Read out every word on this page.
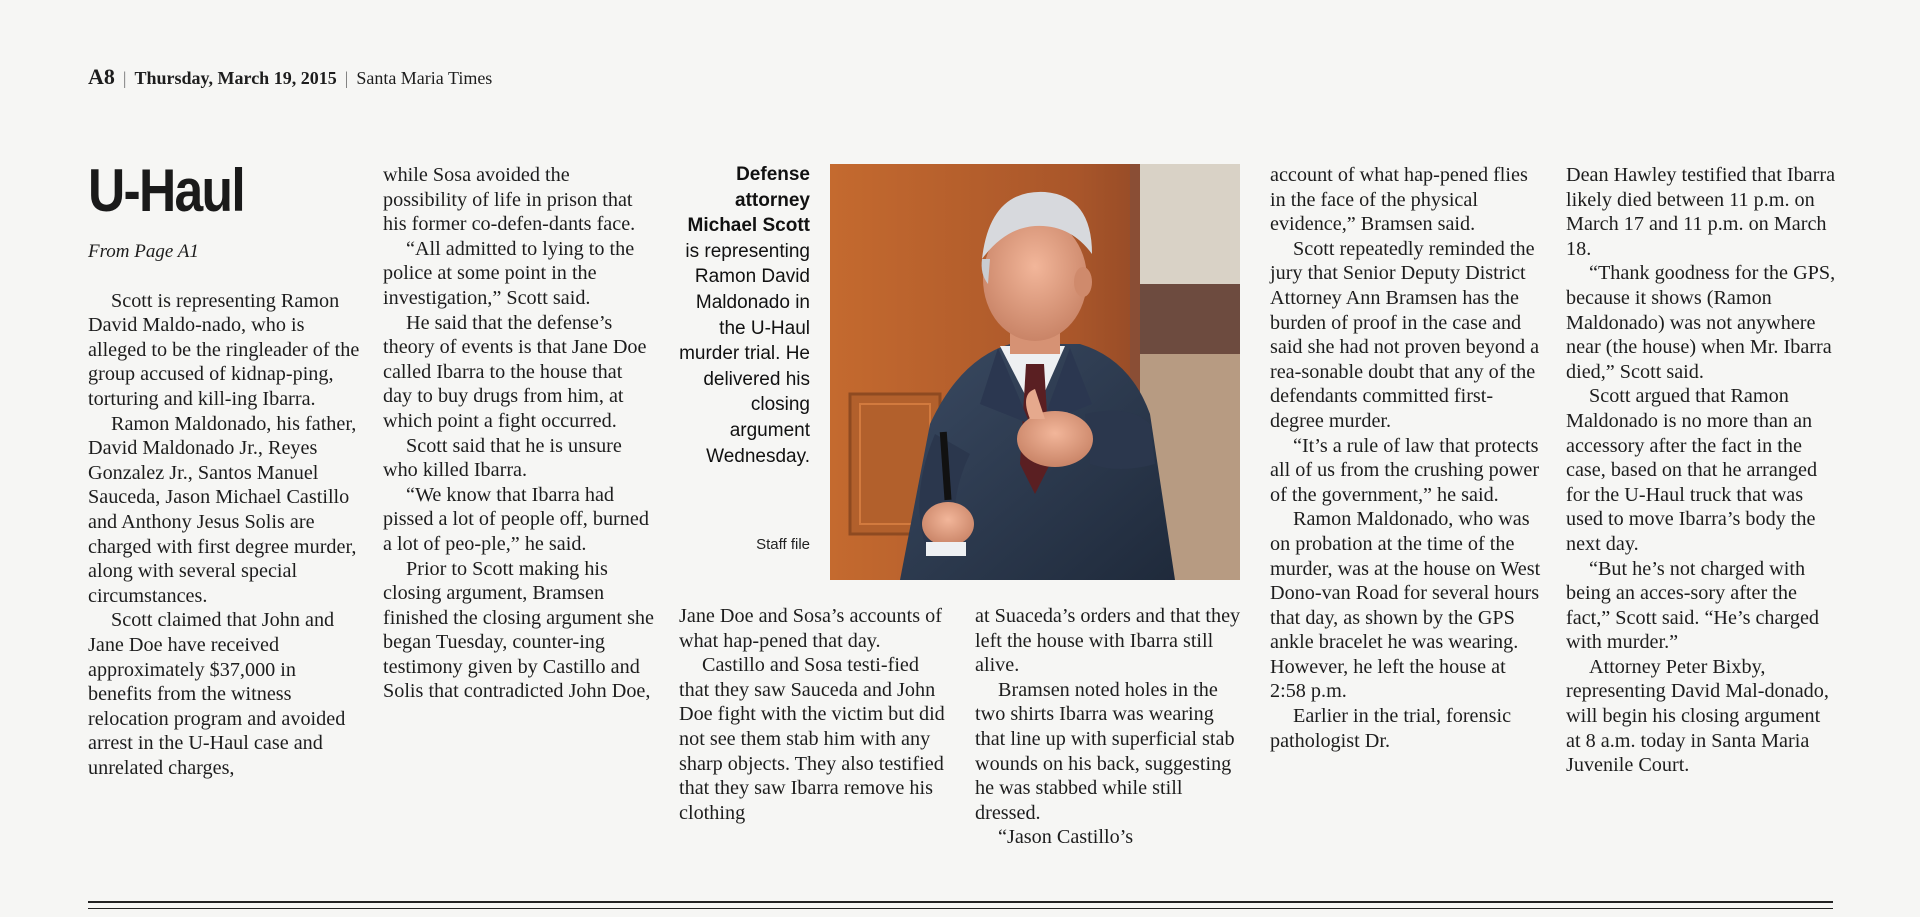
A8 | Thursday, March 19, 2015 | Santa Maria Times
U-Haul
From Page A1

Scott is representing Ramon David Maldo-nado, who is alleged to be the ringleader of the group accused of kidnap-ping, torturing and kill-ing Ibarra.

Ramon Maldonado, his father, David Maldonado Jr., Reyes Gonzalez Jr., Santos Manuel Sauceda, Jason Michael Castillo and Anthony Jesus Solis are charged with first degree murder, along with several special circumstances.

Scott claimed that John and Jane Doe have received approximately $37,000 in benefits from the witness relocation program and avoided arrest in the U-Haul case and unrelated charges,

while Sosa avoided the possibility of life in prison that his former co-defen-dants face.

“All admitted to lying to the police at some point in the investigation,” Scott said.

He said that the defense’s theory of events is that Jane Doe called Ibarra to the house that day to buy drugs from him, at which point a fight occurred.

Scott said that he is unsure who killed Ibarra.

“We know that Ibarra had pissed a lot of people off, burned a lot of peo-ple,” he said.

Prior to Scott making his closing argument, Bramsen finished the closing argument she began Tuesday, counter-ing testimony given by Castillo and Solis that contradicted John Doe,

Defense attorney Michael Scott is representing Ramon David Maldonado in the U-Haul murder trial. He delivered his closing argument Wednesday.
Staff file

Jane Doe and Sosa’s accounts of what hap-pened that day.

Castillo and Sosa testi-fied that they saw Sauceda and John Doe fight with the victim but did not see them stab him with any sharp objects. They also testified that they saw Ibarra remove his clothing

at Suaceda’s orders and that they left the house with Ibarra still alive.

Bramsen noted holes in the two shirts Ibarra was wearing that line up with superficial stab wounds on his back, suggesting he was stabbed while still dressed.

“Jason Castillo’s

account of what hap-pened flies in the face of the physical evidence,” Bramsen said.

Scott repeatedly reminded the jury that Senior Deputy District Attorney Ann Bramsen has the burden of proof in the case and said she had not proven beyond a rea-sonable doubt that any of the defendants committed first-degree murder.

“It’s a rule of law that protects all of us from the crushing power of the government,” he said.

Ramon Maldonado, who was on probation at the time of the murder, was at the house on West Dono-van Road for several hours that day, as shown by the GPS ankle bracelet he was wearing. However, he left the house at 2:58 p.m.

Earlier in the trial, forensic pathologist Dr.

Dean Hawley testified that Ibarra likely died between 11 p.m. on March 17 and 11 p.m. on March 18.

“Thank goodness for the GPS, because it shows (Ramon Maldonado) was not anywhere near (the house) when Mr. Ibarra died,” Scott said.

Scott argued that Ramon Maldonado is no more than an accessory after the fact in the case, based on that he arranged for the U-Haul truck that was used to move Ibarra’s body the next day.

“But he’s not charged with being an acces-sory after the fact,” Scott said. “He’s charged with murder.”

Attorney Peter Bixby, representing David Mal-donado, will begin his closing argument at 8 a.m. today in Santa Maria Juvenile Court.
